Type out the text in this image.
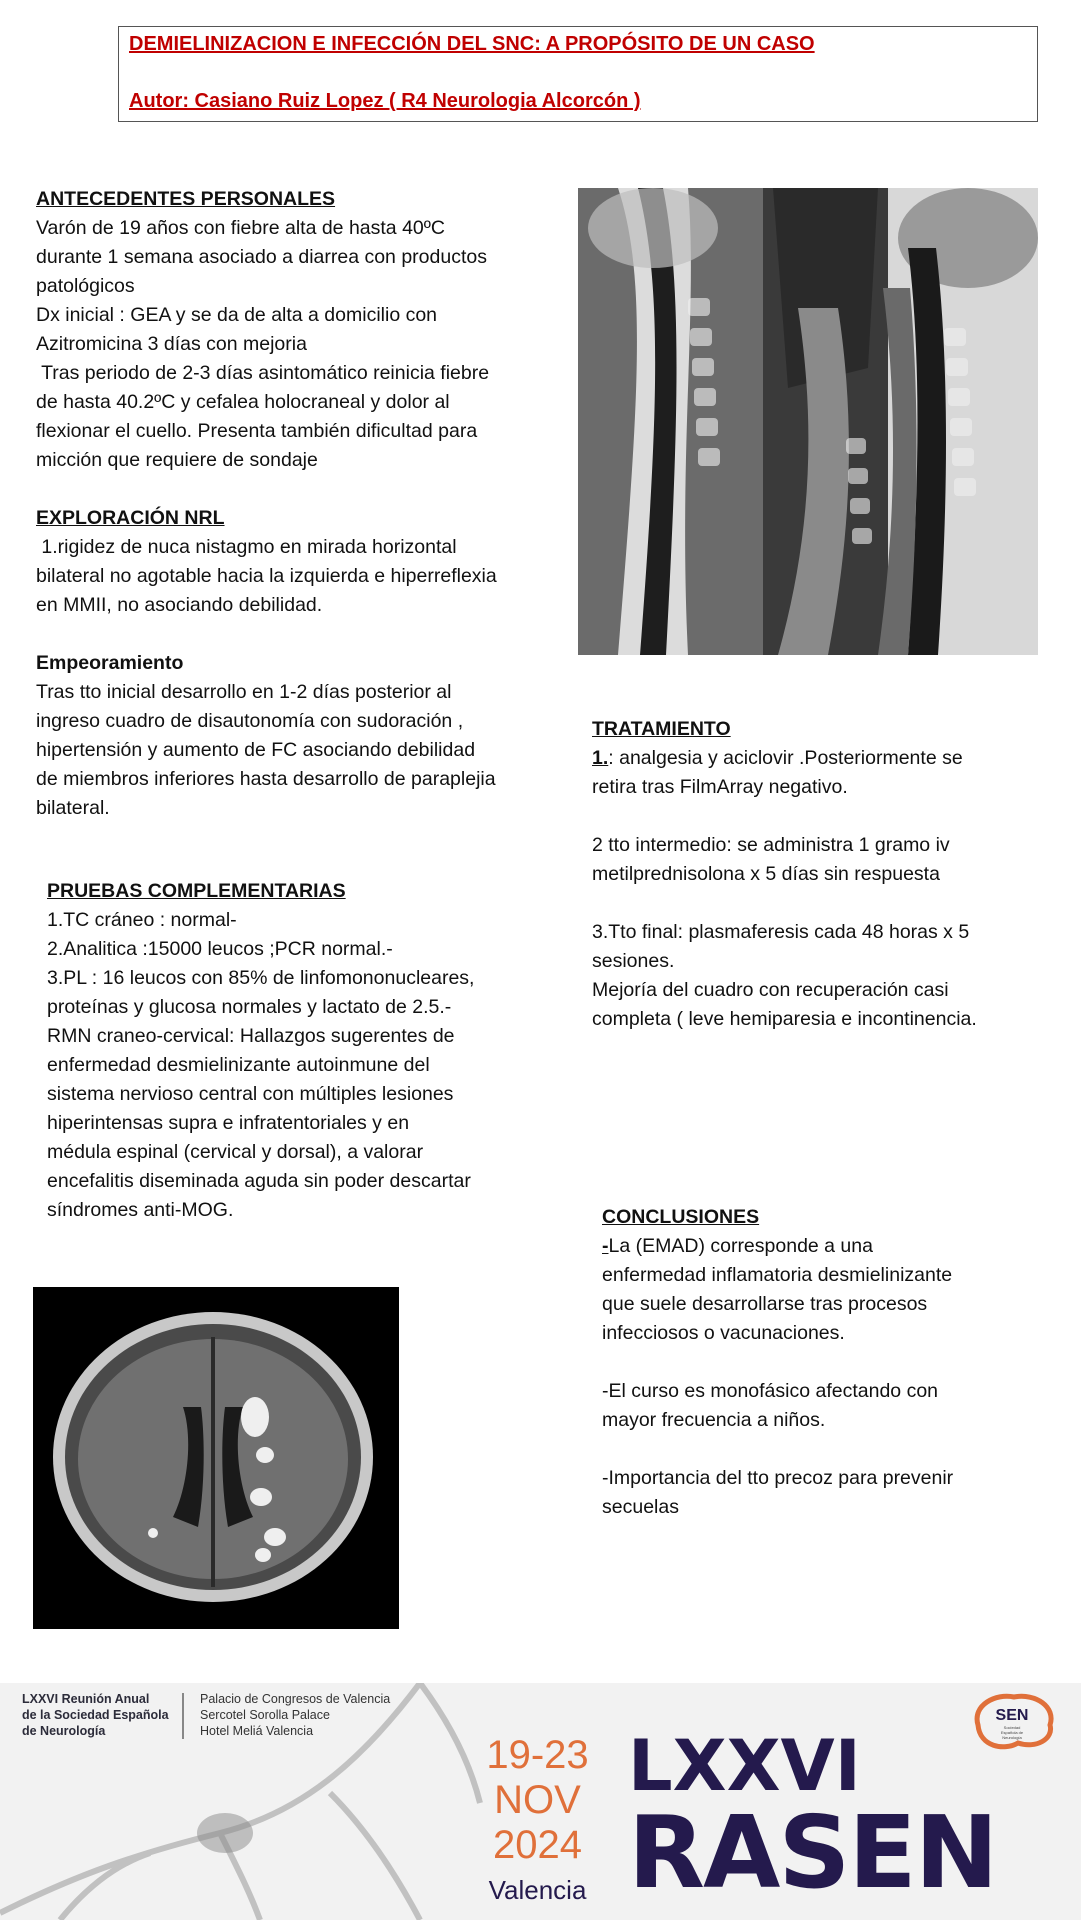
DEMIELINIZACION E INFECCIÓN DEL SNC: A PROPÓSITO DE UN CASO
Autor: Casiano Ruiz Lopez ( R4 Neurologia Alcorcón )

ANTECEDENTES PERSONALES

Varón de 19 años con fiebre alta de hasta 40ºC

durante 1 semana asociado a diarrea con productos

patológicos

Dx inicial : GEA y se da de alta a domicilio con

Azitromicina 3 días con mejoria

Tras periodo de 2-3 días asintomático reinicia fiebre

de hasta 40.2ºC y cefalea holocraneal y dolor al

flexionar el cuello. Presenta también dificultad para

micción que requiere de sondaje

EXPLORACIÓN NRL

1.rigidez de nuca nistagmo en mirada horizontal

bilateral no agotable hacia la izquierda e hiperreflexia

en MMII, no asociando debilidad.

Empeoramiento

Tras tto inicial desarrollo en 1-2 días posterior al

ingreso cuadro de disautonomía con sudoración ,

hipertensión y aumento de FC asociando debilidad

de miembros inferiores hasta desarrollo de paraplejia

bilateral.

PRUEBAS COMPLEMENTARIAS

1.TC cráneo : normal-

2.Analitica :15000 leucos ;PCR normal.-

3.PL : 16 leucos con 85% de linfomononucleares,

proteínas y glucosa normales y lactato de 2.5.-

RMN craneo-cervical: Hallazgos sugerentes de

enfermedad desmielinizante autoinmune del

sistema nervioso central con múltiples lesiones

hiperintensas supra e infratentoriales y en

médula espinal (cervical y dorsal), a valorar

encefalitis diseminada aguda sin poder descartar

síndromes anti-MOG.

TRATAMIENTO

1.: analgesia y aciclovir .Posteriormente se

retira tras FilmArray negativo.

2 tto intermedio: se administra 1 gramo iv

metilprednisolona x 5 días sin respuesta

3.Tto final: plasmaferesis cada 48 horas x 5

sesiones.

Mejoría del cuadro con recuperación casi

completa ( leve hemiparesia e incontinencia.

CONCLUSIONES

-La (EMAD) corresponde a una

enfermedad inflamatoria desmielinizante

que suele desarrollarse tras procesos

infecciosos o vacunaciones.

-El curso es monofásico afectando con

mayor frecuencia a niños.

-Importancia del tto precoz para prevenir

secuelas

LXXVI Reunión Anual
de la Sociedad Española
de Neurología
Palacio de Congresos de Valencia
Sercotel Sorolla Palace
Hotel Meliá Valencia
19-23
NOV
2024
Valencia
LXXVI
RASEN
SEN
Sociedad Española de Neurología
